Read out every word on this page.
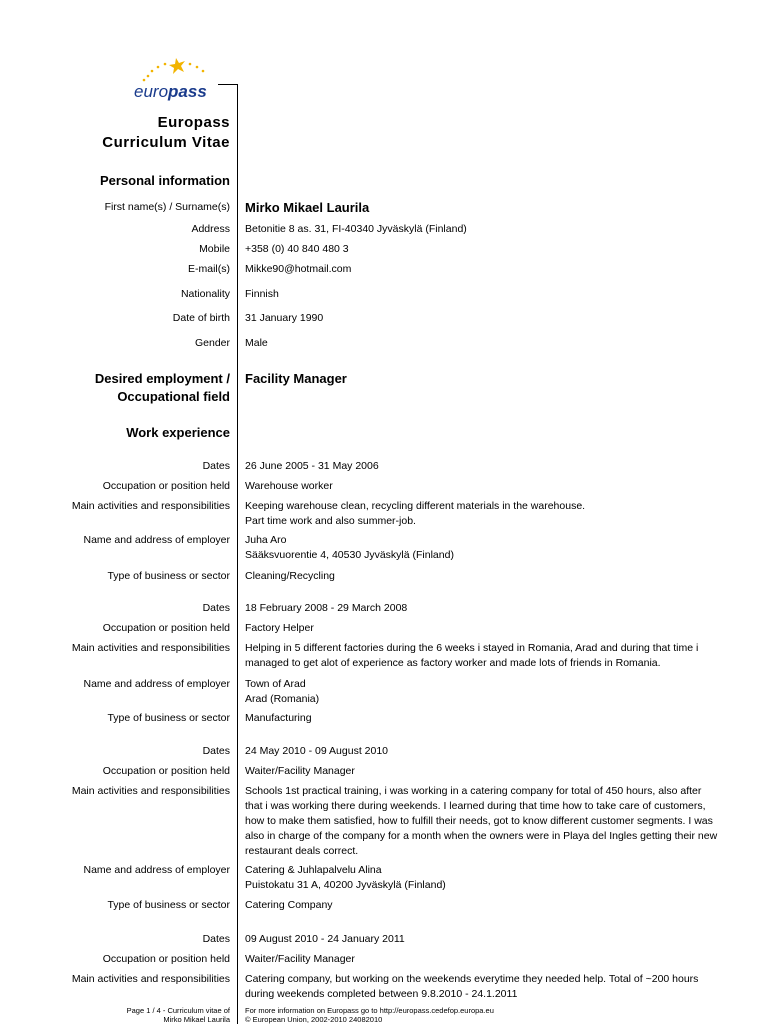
europass
Europass
Curriculum Vitae
Personal information
First name(s) / Surname(s) Mirko Mikael Laurila
Address Betonitie 8 as. 31, FI-40340 Jyväskylä (Finland)
Mobile +358 (0) 40 840 480 3
E-mail(s) Mikke90@hotmail.com
Nationality Finnish
Date of birth 31 January 1990
Gender Male
Desired employment /
Occupational field
Facility Manager
Work experience
Dates 26 June 2005 - 31 May 2006
Occupation or position held Warehouse worker
Main activities and responsibilities Keeping warehouse clean, recycling different materials in the warehouse.
Part time work and also summer-job.
Name and address of employer Juha Aro
Sääksvuorentie 4, 40530 Jyväskylä (Finland)
Type of business or sector Cleaning/Recycling
Dates 18 February 2008 - 29 March 2008
Occupation or position held Factory Helper
Main activities and responsibilities Helping in 5 different factories during the 6 weeks i stayed in Romania, Arad and during that time i
managed to get alot of experience as factory worker and made lots of friends in Romania.
Name and address of employer Town of Arad
Arad (Romania)
Type of business or sector Manufacturing
Dates 24 May 2010 - 09 August 2010
Occupation or position held Waiter/Facility Manager
Main activities and responsibilities Schools 1st practical training, i was working in a catering company for total of 450 hours, also after
that i was working there during weekends. I learned during that time how to take care of customers,
how to make them satisfied, how to fulfill their needs, got to know different customer segments. I was
also in charge of the company for a month when the owners were in Playa del Ingles getting their new
restaurant deals correct.
Name and address of employer Catering & Juhlapalvelu Alina
Puistokatu 31 A, 40200 Jyväskylä (Finland)
Type of business or sector Catering Company
Dates 09 August 2010 - 24 January 2011
Occupation or position held Waiter/Facility Manager
Main activities and responsibilities Catering company, but working on the weekends everytime they needed help. Total of ~200 hours
during weekends completed between 9.8.2010 - 24.1.2011
Page 1 / 4 - Curriculum vitae of
Mirko Mikael Laurila
For more information on Europass go to http://europass.cedefop.europa.eu
© European Union, 2002-2010 24082010
